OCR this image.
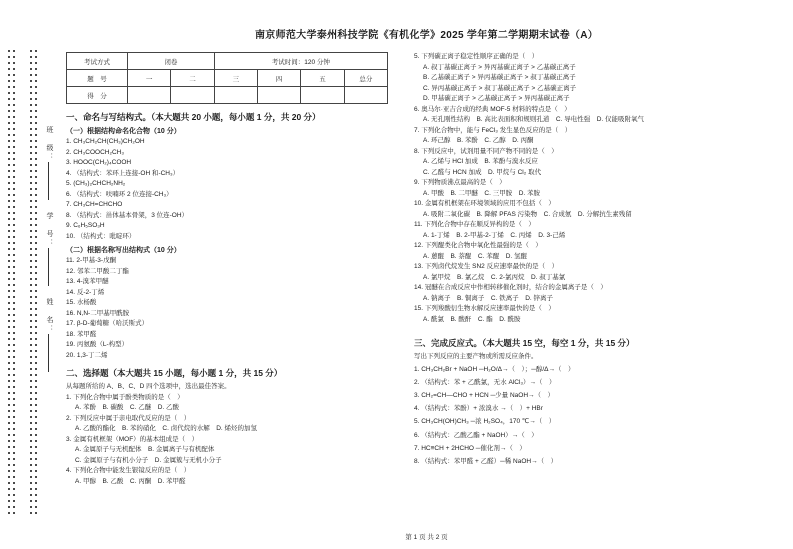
班　级：
学　号：
姓　名：
南京师范大学泰州科技学院《有机化学》2025 学年第二学期期末试卷（A）
考试方式	闭卷		考试时间：120 分钟			
题　号	一	二	三	四	五	总分
得　分						
一、命名与写结构式。（本大题共 20 小题，每小题 1 分，共 20 分）
（一）根据结构命名化合物（10 分）
1. CH₃CH₂CH(CH₃)CH₂OH
2. CH₃COOCH₂CH₃
3. HOOC(CH₂)₄COOH
4. （结构式：苯环上连接-OH 和-CH₃）
5. (CH₃)₂CHCH₂NH₂
6. （结构式：呋喃环 2 位连接-CH₃）
7. CH₃CH=CHCHO
8. （结构式：甾体基本骨架，3 位连-OH）
9. C₆H₅SO₃H
10. （结构式：吡啶环）
（二）根据名称写出结构式（10 分）
11. 2-甲基-3-戊酮
12. 邻苯二甲酸二丁酯
13. 4-溴苯甲醚
14. 反-2-丁烯
15. 水杨酸
16. N,N-二甲基甲酰胺
17. β-D-葡萄糖（哈沃斯式）
18. 苯甲醛
19. 丙氨酸（L-构型）
20. 1,3-丁二烯
二、选择题（本大题共 15 小题，每小题 1 分，共 15 分）
从每题所给的 A、B、C、D 四个选项中，选出最佳答案。
1. 下列化合物中属于酚类物质的是（　）
A. 苯酚　B. 碳酸　C. 乙醚　D. 乙酸
2. 下列反应中属于亲电取代反应的是（　）
A. 乙酸的酯化　B. 苯的硝化　C. 卤代烷的水解　D. 烯烃的加氢
3. 金属有机框架（MOF）的基本组成是（　）
A. 金属原子与无机配体　B. 金属离子与有机配体
C. 金属原子与有机小分子　D. 金属簇与无机小分子
4. 下列化合物中能发生银镜反应的是（　）
A. 甲醇　B. 乙酸　C. 丙酮　D. 苯甲醛
5. 下列碳正离子稳定性顺序正确的是（　）
A. 叔丁基碳正离子 > 异丙基碳正离子 > 乙基碳正离子
B. 乙基碳正离子 > 异丙基碳正离子 > 叔丁基碳正离子
C. 异丙基碳正离子 > 叔丁基碳正离子 > 乙基碳正离子
D. 甲基碳正离子 > 乙基碳正离子 > 异丙基碳正离子
6. 奥马尔·亚吉合成的经典 MOF-5 材料的特点是（　）
A. 无孔刚性结构　B. 高比表面积和规则孔道　C. 导电性强　D. 仅能吸附氧气
7. 下列化合物中，能与 FeCl₃ 发生显色反应的是（　）
A. 环己醇　B. 苯酚　C. 乙醇　D. 丙酮
8. 下列反应中，试剂用量不同产物不同的是（　）
A. 乙烯与 HCl 加成　B. 苯酚与溴水反应
C. 乙醛与 HCN 加成　D. 甲烷与 Cl₂ 取代
9. 下列物质沸点最高的是（　）
A. 甲酸　B. 二甲醚　C. 三甲胺　D. 苯胺
10. 金属有机框架在环境领域的应用不包括（　）
A. 吸附二氧化碳　B. 降解 PFAS 污染物　C. 合成氨　D. 分解抗生素残留
11. 下列化合物中存在顺反异构的是（　）
A. 1-丁烯　B. 2-甲基-2-丁烯　C. 丙烯　D. 3-己烯
12. 下列醌类化合物中氧化性最强的是（　）
A. 蒽醌　B. 萘醌　C. 苯醌　D. 氢醌
13. 下列卤代烷发生 SN2 反应速率最快的是（　）
A. 氯甲烷　B. 氯乙烷　C. 2-氯丙烷　D. 叔丁基氯
14. 冠醚在合成反应中作相转移催化剂时，结合的金属离子是（　）
A. 钠离子　B. 铜离子　C. 铁离子　D. 锌离子
15. 下列羧酸衍生物水解反应速率最快的是（　）
A. 酰氯　B. 酸酐　C. 酯　D. 酰胺
三、完成反应式。（本大题共 15 空，每空 1 分，共 15 分）
写出下列反应的主要产物或所需反应条件。
1. CH₃CH₂Br + NaOH ─H₂O/Δ→（　）；─醇/Δ→（　）
2. （结构式：苯 + 乙酰氯，无水 AlCl₃）→（　）
3. CH₂=CH—CHO + HCN ─少量 NaOH→（　）
4. （结构式：苯酚）+ 浓溴水 →（　）+ HBr
5. CH₃CH(OH)CH₃ ─浓 H₂SO₄，170 ℃→（　）
6. （结构式：乙酸乙酯 + NaOH）→（　）
7. HC≡CH + 2HCHO ─催化剂→（　）
8. （结构式：苯甲醛 + 乙醛）─稀 NaOH→（　）
第 1 页 共 2 页
